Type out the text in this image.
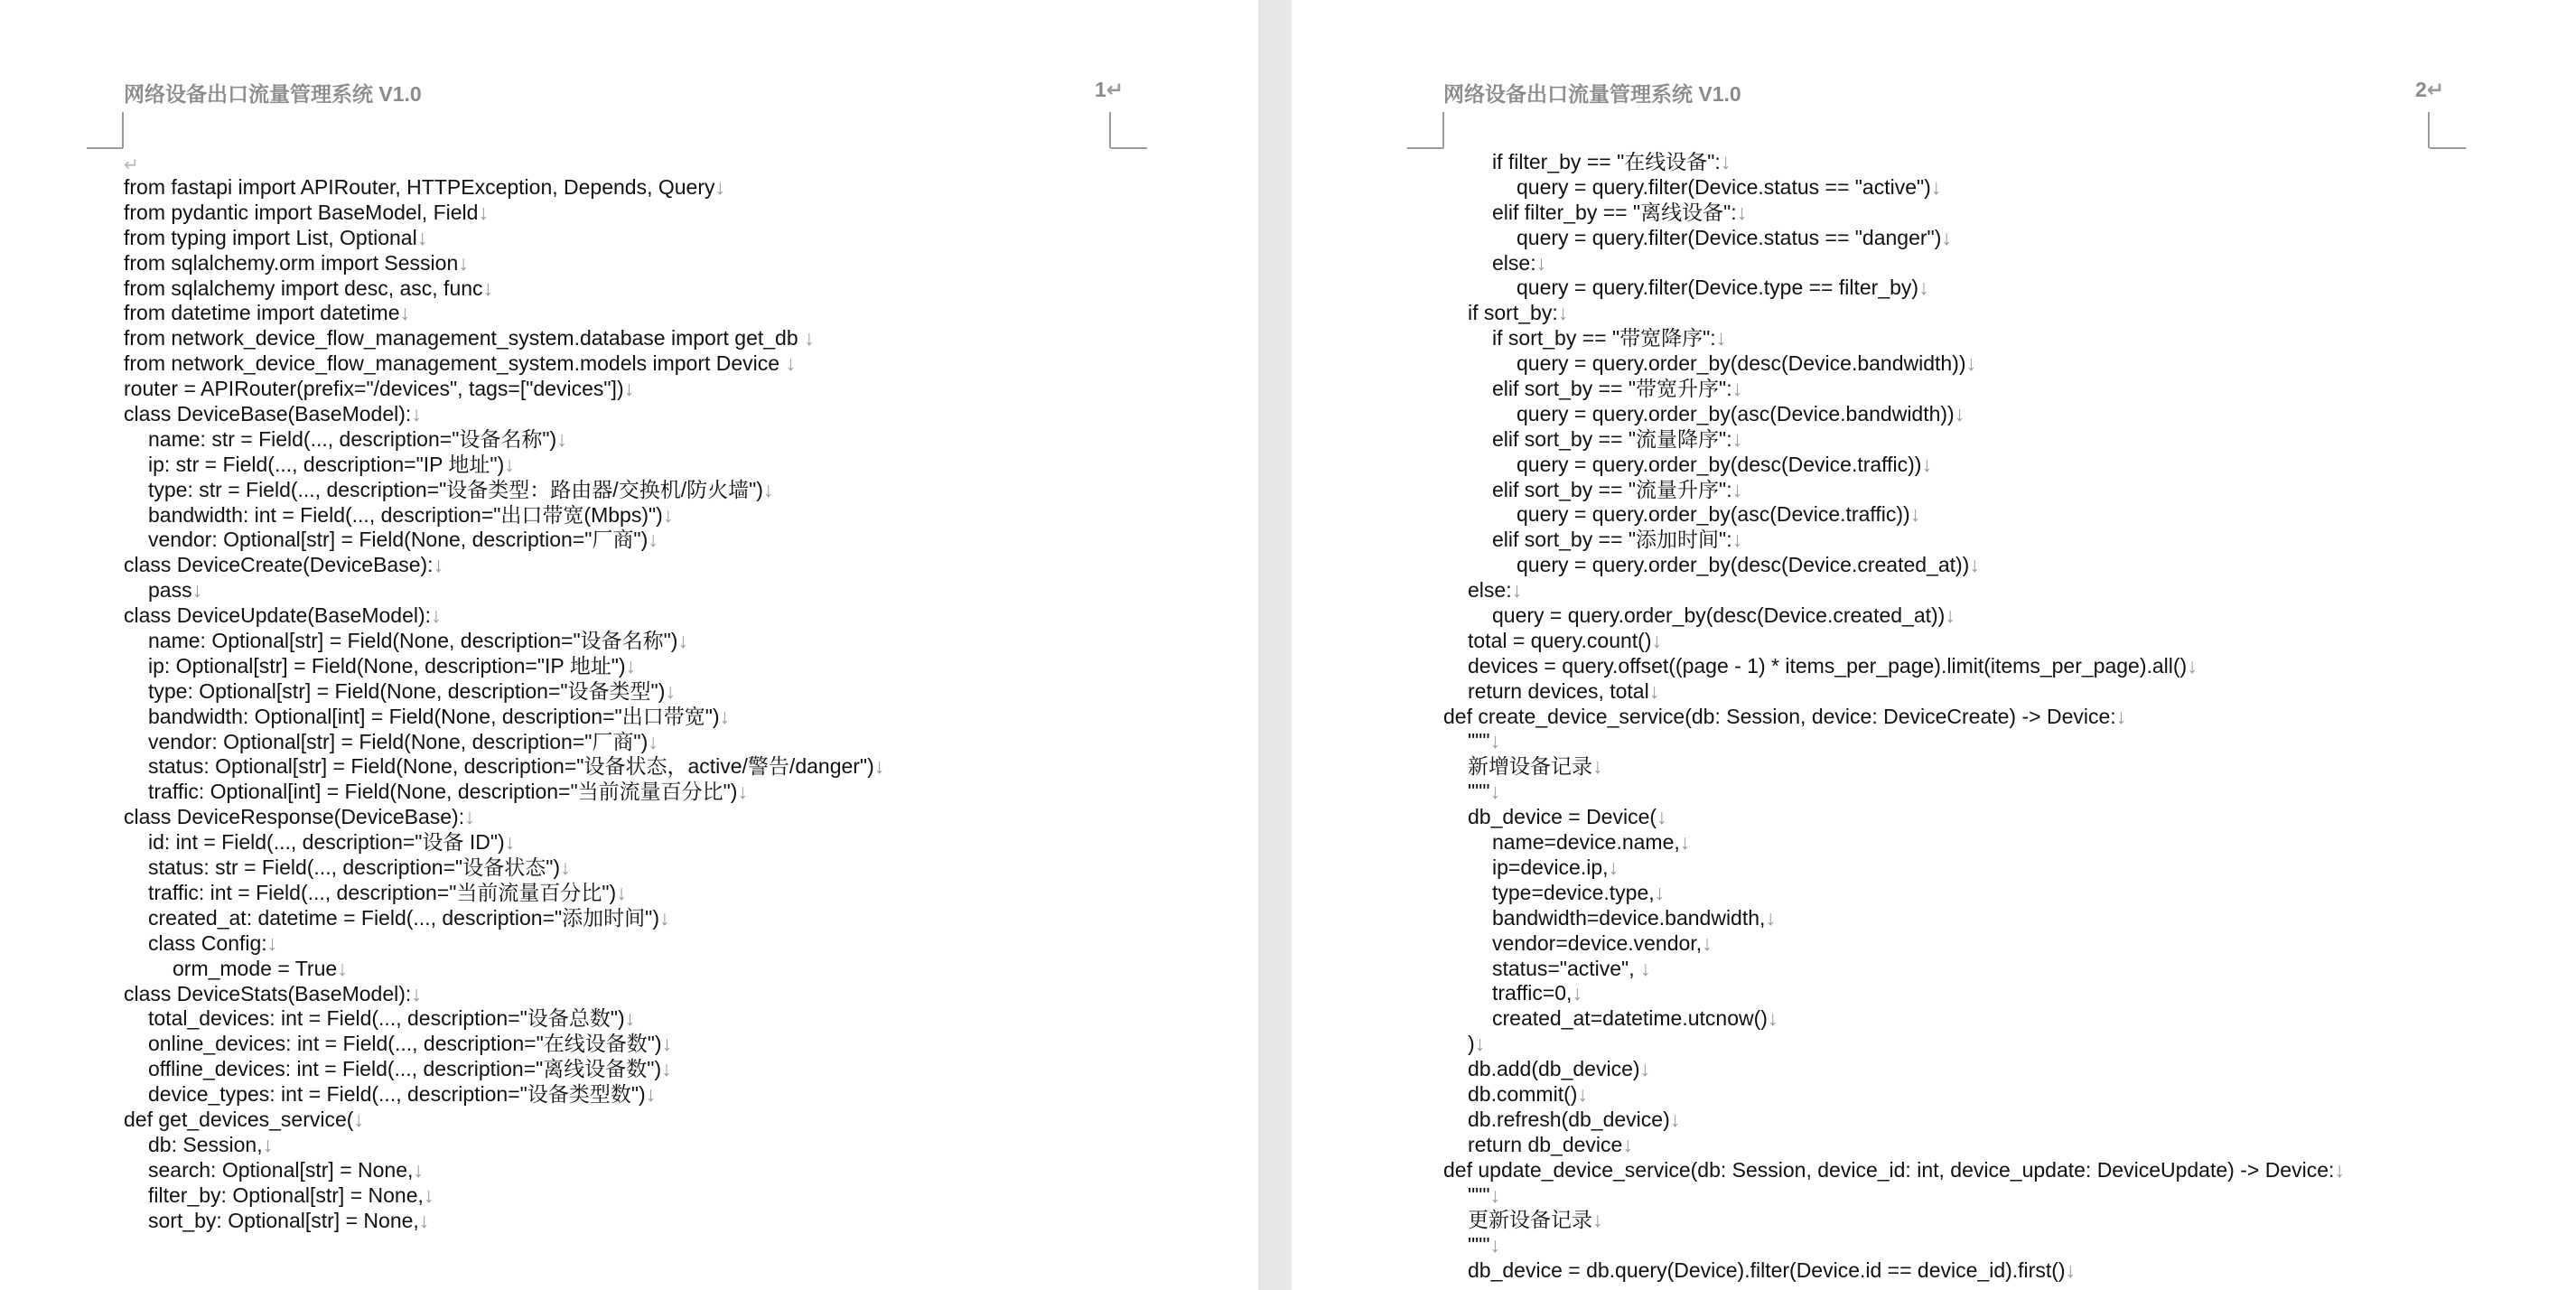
网络设备出口流量管理系统 V1.0	1↵
↵
from fastapi import APIRouter, HTTPException, Depends, Query↓
from pydantic import BaseModel, Field↓
from typing import List, Optional↓
from sqlalchemy.orm import Session↓
from sqlalchemy import desc, asc, func↓
from datetime import datetime↓
from network_device_flow_management_system.database import get_db ↓
from network_device_flow_management_system.models import Device ↓
router = APIRouter(prefix="/devices", tags=["devices"])↓
class DeviceBase(BaseModel):↓
name: str = Field(..., description="设备名称")↓
ip: str = Field(..., description="IP 地址")↓
type: str = Field(..., description="设备类型：路由器/交换机/防火墙")↓
bandwidth: int = Field(..., description="出口带宽(Mbps)")↓
vendor: Optional[str] = Field(None, description="厂商")↓
class DeviceCreate(DeviceBase):↓
pass↓
class DeviceUpdate(BaseModel):↓
name: Optional[str] = Field(None, description="设备名称")↓
ip: Optional[str] = Field(None, description="IP 地址")↓
type: Optional[str] = Field(None, description="设备类型")↓
bandwidth: Optional[int] = Field(None, description="出口带宽")↓
vendor: Optional[str] = Field(None, description="厂商")↓
status: Optional[str] = Field(None, description="设备状态，active/警告/danger")↓
traffic: Optional[int] = Field(None, description="当前流量百分比")↓
class DeviceResponse(DeviceBase):↓
id: int = Field(..., description="设备 ID")↓
status: str = Field(..., description="设备状态")↓
traffic: int = Field(..., description="当前流量百分比")↓
created_at: datetime = Field(..., description="添加时间")↓
class Config:↓
orm_mode = True↓
class DeviceStats(BaseModel):↓
total_devices: int = Field(..., description="设备总数")↓
online_devices: int = Field(..., description="在线设备数")↓
offline_devices: int = Field(..., description="离线设备数")↓
device_types: int = Field(..., description="设备类型数")↓
def get_devices_service(↓
db: Session,↓
search: Optional[str] = None,↓
filter_by: Optional[str] = None,↓
sort_by: Optional[str] = None,↓
网络设备出口流量管理系统 V1.0	2↵
if filter_by == "在线设备":↓
query = query.filter(Device.status == "active")↓
elif filter_by == "离线设备":↓
query = query.filter(Device.status == "danger")↓
else:↓
query = query.filter(Device.type == filter_by)↓
if sort_by:↓
if sort_by == "带宽降序":↓
query = query.order_by(desc(Device.bandwidth))↓
elif sort_by == "带宽升序":↓
query = query.order_by(asc(Device.bandwidth))↓
elif sort_by == "流量降序":↓
query = query.order_by(desc(Device.traffic))↓
elif sort_by == "流量升序":↓
query = query.order_by(asc(Device.traffic))↓
elif sort_by == "添加时间":↓
query = query.order_by(desc(Device.created_at))↓
else:↓
query = query.order_by(desc(Device.created_at))↓
total = query.count()↓
devices = query.offset((page - 1) * items_per_page).limit(items_per_page).all()↓
return devices, total↓
def create_device_service(db: Session, device: DeviceCreate) -> Device:↓
"""↓
新增设备记录↓
"""↓
db_device = Device(↓
name=device.name,↓
ip=device.ip,↓
type=device.type,↓
bandwidth=device.bandwidth,↓
vendor=device.vendor,↓
status="active", ↓
traffic=0,↓
created_at=datetime.utcnow()↓
)↓
db.add(db_device)↓
db.commit()↓
db.refresh(db_device)↓
return db_device↓
def update_device_service(db: Session, device_id: int, device_update: DeviceUpdate) -> Device:↓
"""↓
更新设备记录↓
"""↓
db_device = db.query(Device).filter(Device.id == device_id).first()↓
